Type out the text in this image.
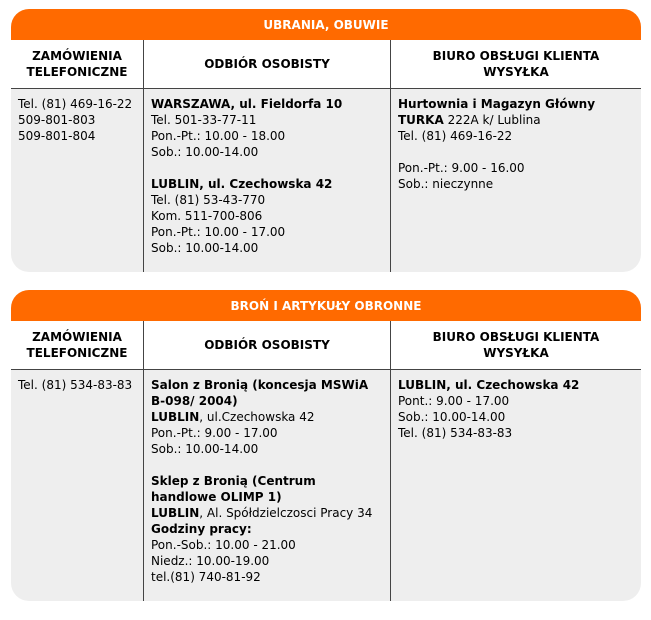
UBRANIA, OBUWIE
ZAMÓWIENIA
TELEFONICZNE
ODBIÓR OSOBISTY
BIURO OBSŁUGI KLIENTA
WYSYŁKA
Tel. (81) 469-16-22
509-801-803
509-801-804
WARSZAWA, ul. Fieldorfa 10
Tel. 501-33-77-11
Pon.-Pt.: 10.00 - 18.00
Sob.: 10.00-14.00
LUBLIN, ul. Czechowska 42
Tel. (81) 53-43-770
Kom. 511-700-806
Pon.-Pt.: 10.00 - 17.00
Sob.: 10.00-14.00
Hurtownia i Magazyn Główny
TURKA 222A k/ Lublina
Tel. (81) 469-16-22
Pon.-Pt.: 9.00 - 16.00
Sob.: nieczynne
BROŃ I ARTYKUŁY OBRONNE
ZAMÓWIENIA
TELEFONICZNE
ODBIÓR OSOBISTY
BIURO OBSŁUGI KLIENTA
WYSYŁKA
Tel. (81) 534-83-83 Salon z Bronią (koncesja MSWiA
B-098/ 2004)
LUBLIN, ul.Czechowska 42
Pon.-Pt.: 9.00 - 17.00
Sob.: 10.00-14.00
Sklep z Bronią (Centrum
handlowe OLIMP 1)
LUBLIN, Al. Spółdzielczosci Pracy 34
Godziny pracy:
Pon.-Sob.: 10.00 - 21.00
Niedz.: 10.00-19.00
tel.(81) 740-81-92
LUBLIN, ul. Czechowska 42
Pont.: 9.00 - 17.00
Sob.: 10.00-14.00
Tel. (81) 534-83-83
